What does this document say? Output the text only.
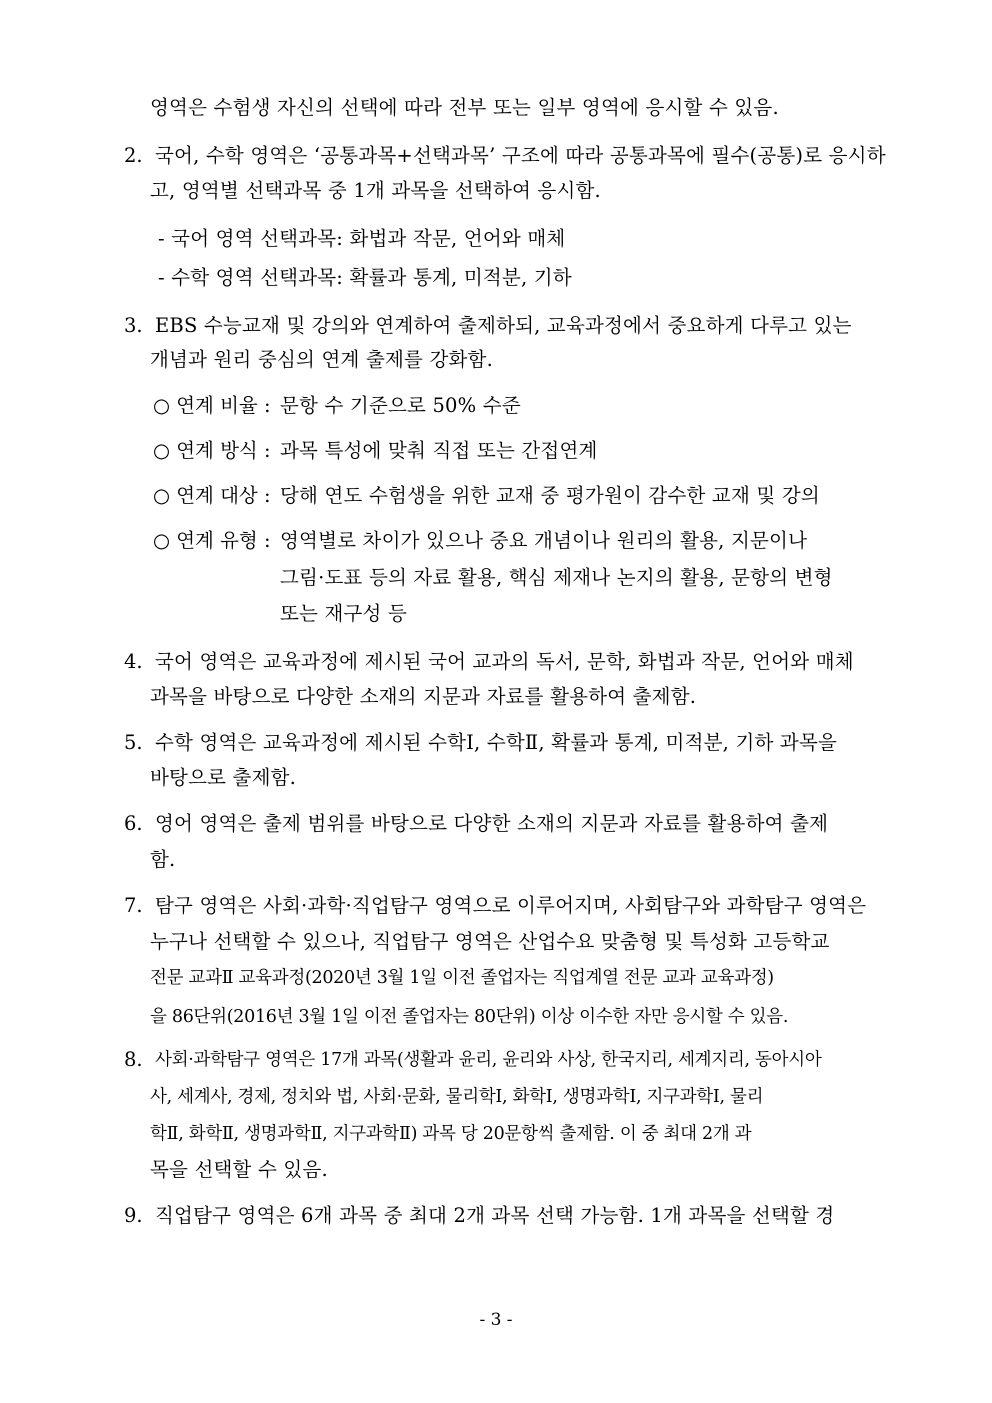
영역은 수험생 자신의 선택에 따라 전부 또는 일부 영역에 응시할 수 있음.
2. 국어, 수학 영역은 ‘공통과목+선택과목’ 구조에 따라 공통과목에 필수(공통)로 응시하
고, 영역별 선택과목 중 1개 과목을 선택하여 응시함.
- 국어 영역 선택과목: 화법과 작문, 언어와 매체
- 수학 영역 선택과목: 확률과 통계, 미적분, 기하
3. EBS 수능교재 및 강의와 연계하여 출제하되, 교육과정에서 중요하게 다루고 있는
개념과 원리 중심의 연계 출제를 강화함.
○ 연계 비율 : 문항 수 기준으로 50% 수준
○ 연계 방식 : 과목 특성에 맞춰 직접 또는 간접연계
○ 연계 대상 : 당해 연도 수험생을 위한 교재 중 평가원이 감수한 교재 및 강의
○ 연계 유형 : 영역별로 차이가 있으나 중요 개념이나 원리의 활용, 지문이나
그림·도표 등의 자료 활용, 핵심 제재나 논지의 활용, 문항의 변형
또는 재구성 등
4. 국어 영역은 교육과정에 제시된 국어 교과의 독서, 문학, 화법과 작문, 언어와 매체
과목을 바탕으로 다양한 소재의 지문과 자료를 활용하여 출제함.
5. 수학 영역은 교육과정에 제시된 수학Ⅰ, 수학Ⅱ, 확률과 통계, 미적분, 기하 과목을
바탕으로 출제함.
6. 영어 영역은 출제 범위를 바탕으로 다양한 소재의 지문과 자료를 활용하여 출제
함.
7. 탐구 영역은 사회·과학·직업탐구 영역으로 이루어지며, 사회탐구와 과학탐구 영역은
누구나 선택할 수 있으나, 직업탐구 영역은 산업수요 맞춤형 및 특성화 고등학교
전문 교과Ⅱ 교육과정(2020년 3월 1일 이전 졸업자는 직업계열 전문 교과 교육과정)
을 86단위(2016년 3월 1일 이전 졸업자는 80단위) 이상 이수한 자만 응시할 수 있음.
8. 사회·과학탐구 영역은 17개 과목(생활과 윤리, 윤리와 사상, 한국지리, 세계지리, 동아시아
사, 세계사, 경제, 정치와 법, 사회·문화, 물리학Ⅰ, 화학Ⅰ, 생명과학Ⅰ, 지구과학Ⅰ, 물리
학Ⅱ, 화학Ⅱ, 생명과학Ⅱ, 지구과학Ⅱ) 과목 당 20문항씩 출제함. 이 중 최대 2개 과
목을 선택할 수 있음.
9. 직업탐구 영역은 6개 과목 중 최대 2개 과목 선택 가능함. 1개 과목을 선택할 경
- 3 -
